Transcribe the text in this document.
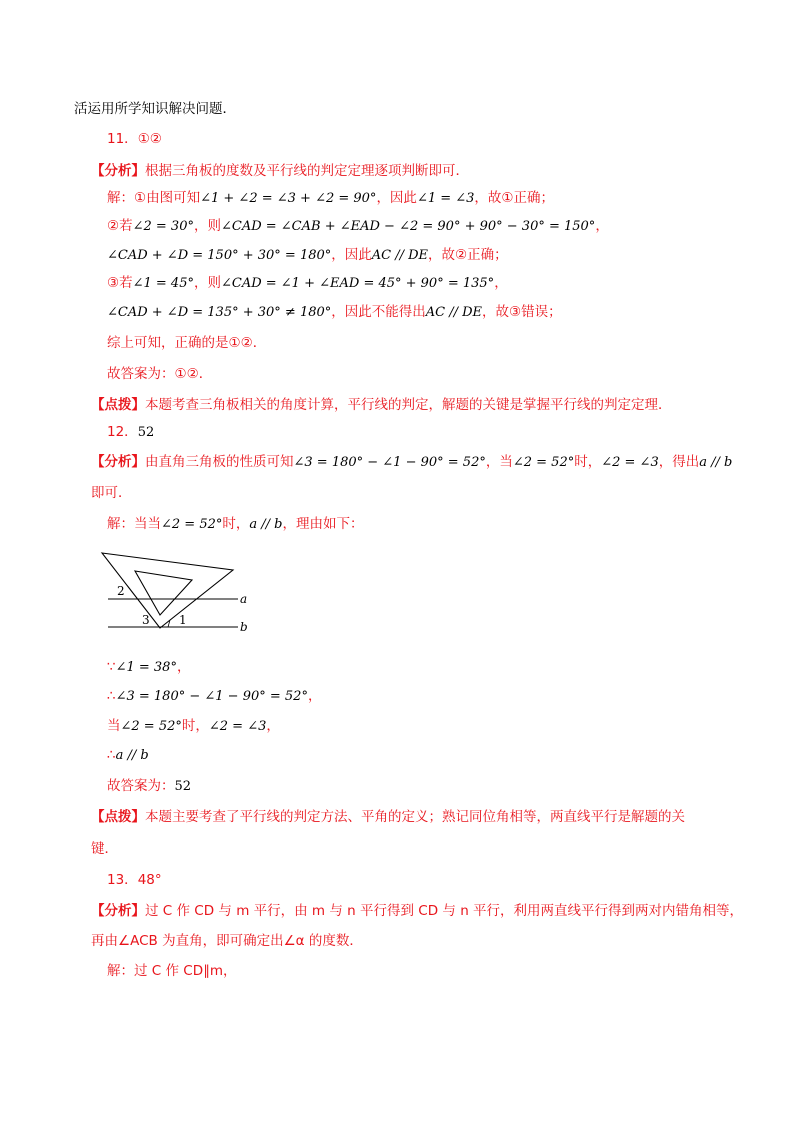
活运用所学知识解决问题．
11．①②
【分析】根据三角板的度数及平行线的判定定理逐项判断即可．
解：①由图可知∠1 + ∠2 = ∠3 + ∠2 = 90°，因此∠1 = ∠3，故①正确；
②若∠2 = 30°，则∠CAD = ∠CAB + ∠EAD − ∠2 = 90° + 90° − 30° = 150°，
∠CAD + ∠D = 150° + 30° = 180°，因此AC // DE，故②正确；
③若∠1 = 45°，则∠CAD = ∠1 + ∠EAD = 45° + 90° = 135°，
∠CAD + ∠D = 135° + 30° ≠ 180°，因此不能得出AC // DE，故③错误；
综上可知，正确的是①②．
故答案为：①②．
【点拨】本题考查三角板相关的角度计算，平行线的判定，解题的关键是掌握平行线的判定定理．
12．52
【分析】由直角三角板的性质可知∠3 = 180° − ∠1 − 90° = 52°，当∠2 = 52°时，∠2 = ∠3，得出a // b
即可．
解：当当∠2 = 52°时，a // b，理由如下：
a
b
2
3 1
∵∠1 = 38°，
∴∠3 = 180° − ∠1 − 90° = 52°，
当∠2 = 52°时，∠2 = ∠3，
∴a // b
故答案为：52
【点拨】本题主要考查了平行线的判定方法、平角的定义；熟记同位角相等，两直线平行是解题的关
键．
13．48°
【分析】过 C 作 CD 与 m 平行，由 m 与 n 平行得到 CD 与 n 平行，利用两直线平行得到两对内错角相等，
再由∠ACB 为直角，即可确定出∠α 的度数．
解：过 C 作 CD∥m，
